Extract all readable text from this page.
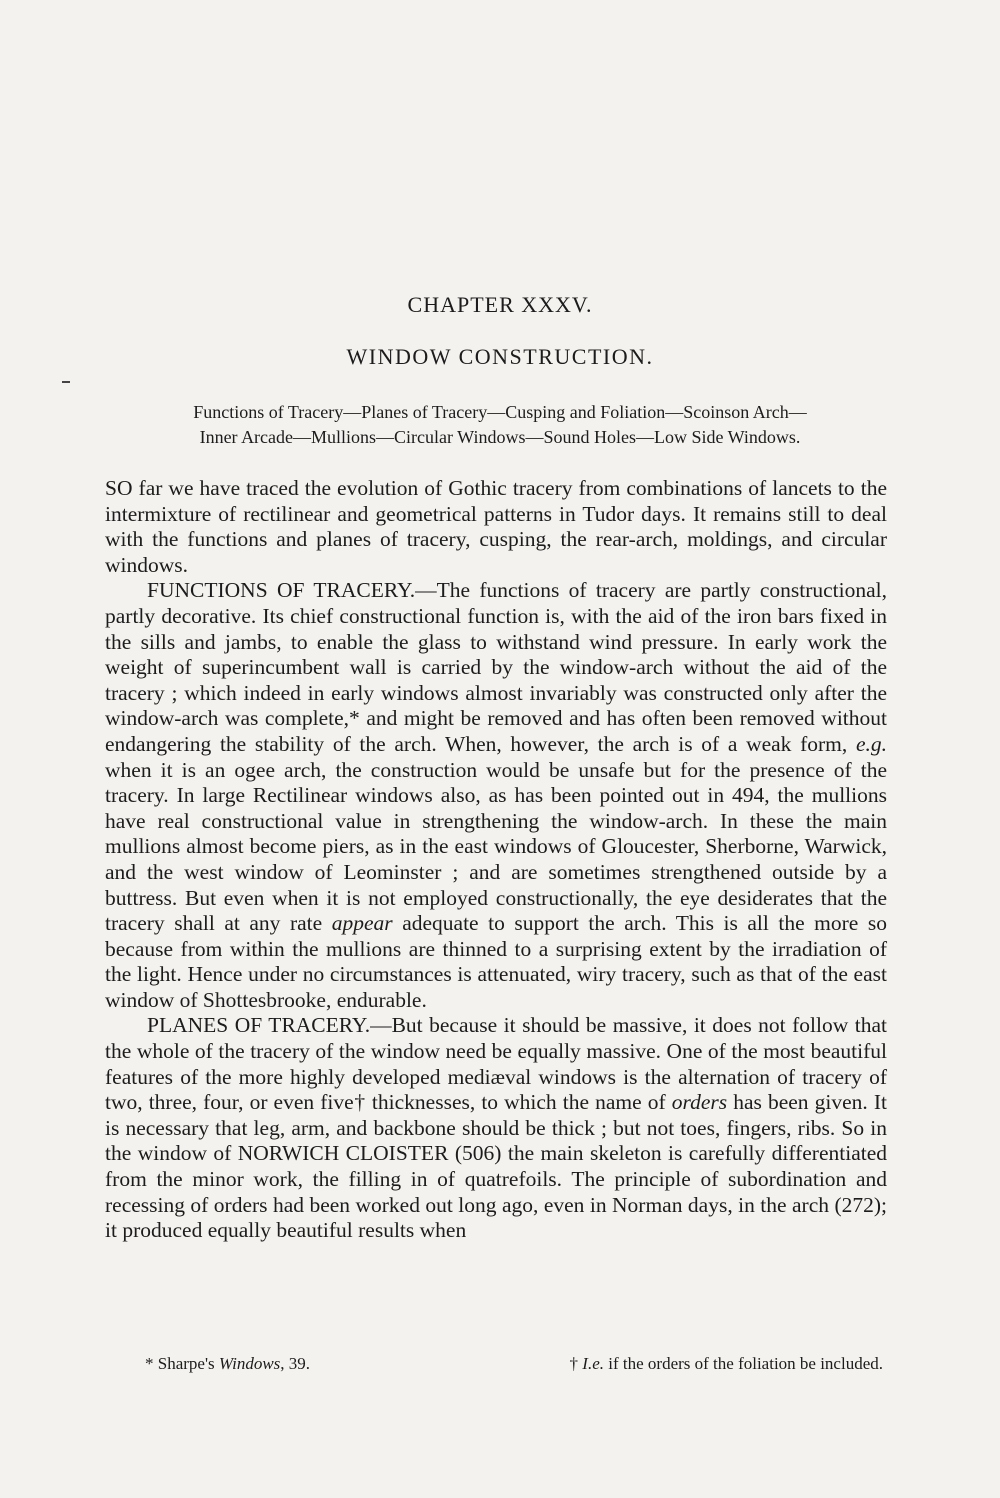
CHAPTER XXXV.
WINDOW CONSTRUCTION.
Functions of Tracery—Planes of Tracery—Cusping and Foliation—Scoinson Arch—
Inner Arcade—Mullions—Circular Windows—Sound Holes—Low Side Windows.

SO far we have traced the evolution of Gothic tracery from combinations of lancets to the intermixture of rectilinear and geometrical patterns in Tudor days. It remains still to deal with the functions and planes of tracery, cusping, the rear-arch, moldings, and circular windows.

FUNCTIONS OF TRACERY.—The functions of tracery are partly constructional, partly decorative. Its chief constructional function is, with the aid of the iron bars fixed in the sills and jambs, to enable the glass to withstand wind pressure. In early work the weight of superincumbent wall is carried by the window-arch without the aid of the tracery ; which indeed in early windows almost invariably was constructed only after the window-arch was complete,* and might be removed and has often been removed without endangering the stability of the arch. When, however, the arch is of a weak form, e.g. when it is an ogee arch, the construction would be unsafe but for the presence of the tracery. In large Rectilinear windows also, as has been pointed out in 494, the mullions have real constructional value in strengthening the window-arch. In these the main mullions almost become piers, as in the east windows of Gloucester, Sherborne, Warwick, and the west window of Leominster ; and are sometimes strengthened outside by a buttress. But even when it is not employed constructionally, the eye desiderates that the tracery shall at any rate appear adequate to support the arch. This is all the more so because from within the mullions are thinned to a surprising extent by the irradiation of the light. Hence under no circumstances is attenuated, wiry tracery, such as that of the east window of Shottesbrooke, endurable.

PLANES OF TRACERY.—But because it should be massive, it does not follow that the whole of the tracery of the window need be equally massive. One of the most beautiful features of the more highly developed mediæval windows is the alternation of tracery of two, three, four, or even five† thicknesses, to which the name of orders has been given. It is necessary that leg, arm, and backbone should be thick ; but not toes, fingers, ribs. So in the window of NORWICH CLOISTER (506) the main skeleton is carefully differentiated from the minor work, the filling in of quatrefoils. The principle of subordination and recessing of orders had been worked out long ago, even in Norman days, in the arch (272); it produced equally beautiful results when

* Sharpe's Windows, 39.	† I.e. if the orders of the foliation be included.
